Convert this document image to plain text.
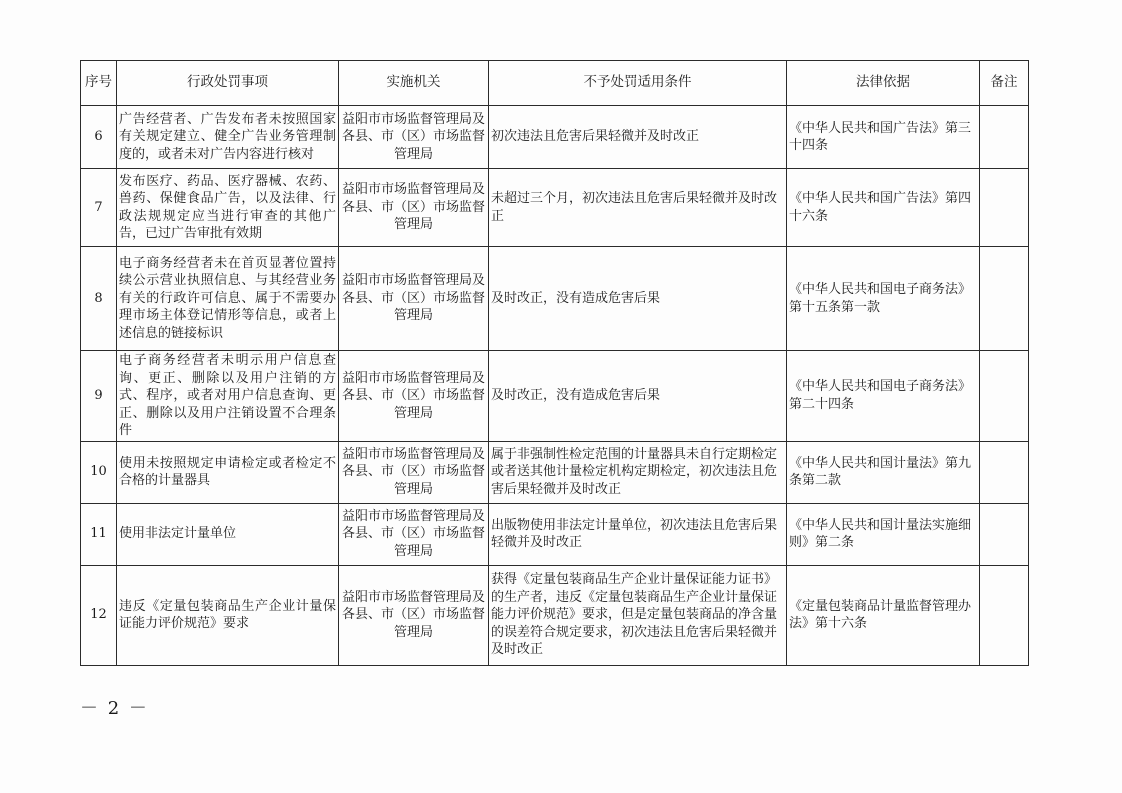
序号	行政处罚事项	实施机关	不予处罚适用条件	法律依据	备注
6	广告经营者、广告发布者未按照国家有关规定建立、健全广告业务管理制度的，或者未对广告内容进行核对	益阳市市场监督管理局及各县、市（区）市场监督管理局	初次违法且危害后果轻微并及时改正	《中华人民共和国广告法》第三十四条	
7	发布医疗、药品、医疗器械、农药、兽药、保健食品广告，以及法律、行政法规规定应当进行审查的其他广告，已过广告审批有效期	益阳市市场监督管理局及各县、市（区）市场监督管理局	未超过三个月，初次违法且危害后果轻微并及时改正	《中华人民共和国广告法》第四十六条	
8	电子商务经营者未在首页显著位置持续公示营业执照信息、与其经营业务有关的行政许可信息、属于不需要办理市场主体登记情形等信息，或者上述信息的链接标识	益阳市市场监督管理局及各县、市（区）市场监督管理局	及时改正，没有造成危害后果	《中华人民共和国电子商务法》第十五条第一款	
9	电子商务经营者未明示用户信息查询、更正、删除以及用户注销的方式、程序，或者对用户信息查询、更正、删除以及用户注销设置不合理条件	益阳市市场监督管理局及各县、市（区）市场监督管理局	及时改正，没有造成危害后果	《中华人民共和国电子商务法》第二十四条	
10	使用未按照规定申请检定或者检定不合格的计量器具	益阳市市场监督管理局及各县、市（区）市场监督管理局	属于非强制性检定范围的计量器具未自行定期检定或者送其他计量检定机构定期检定，初次违法且危害后果轻微并及时改正	《中华人民共和国计量法》第九条第二款	
11	使用非法定计量单位	益阳市市场监督管理局及各县、市（区）市场监督管理局	出版物使用非法定计量单位，初次违法且危害后果轻微并及时改正	《中华人民共和国计量法实施细则》第二条	
12	违反《定量包装商品生产企业计量保证能力评价规范》要求	益阳市市场监督管理局及各县、市（区）市场监督管理局	获得《定量包装商品生产企业计量保证能力证书》的生产者，违反《定量包装商品生产企业计量保证能力评价规范》要求，但是定量包装商品的净含量的误差符合规定要求，初次违法且危害后果轻微并及时改正	《定量包装商品计量监督管理办法》第十六条	
－ 2 －
